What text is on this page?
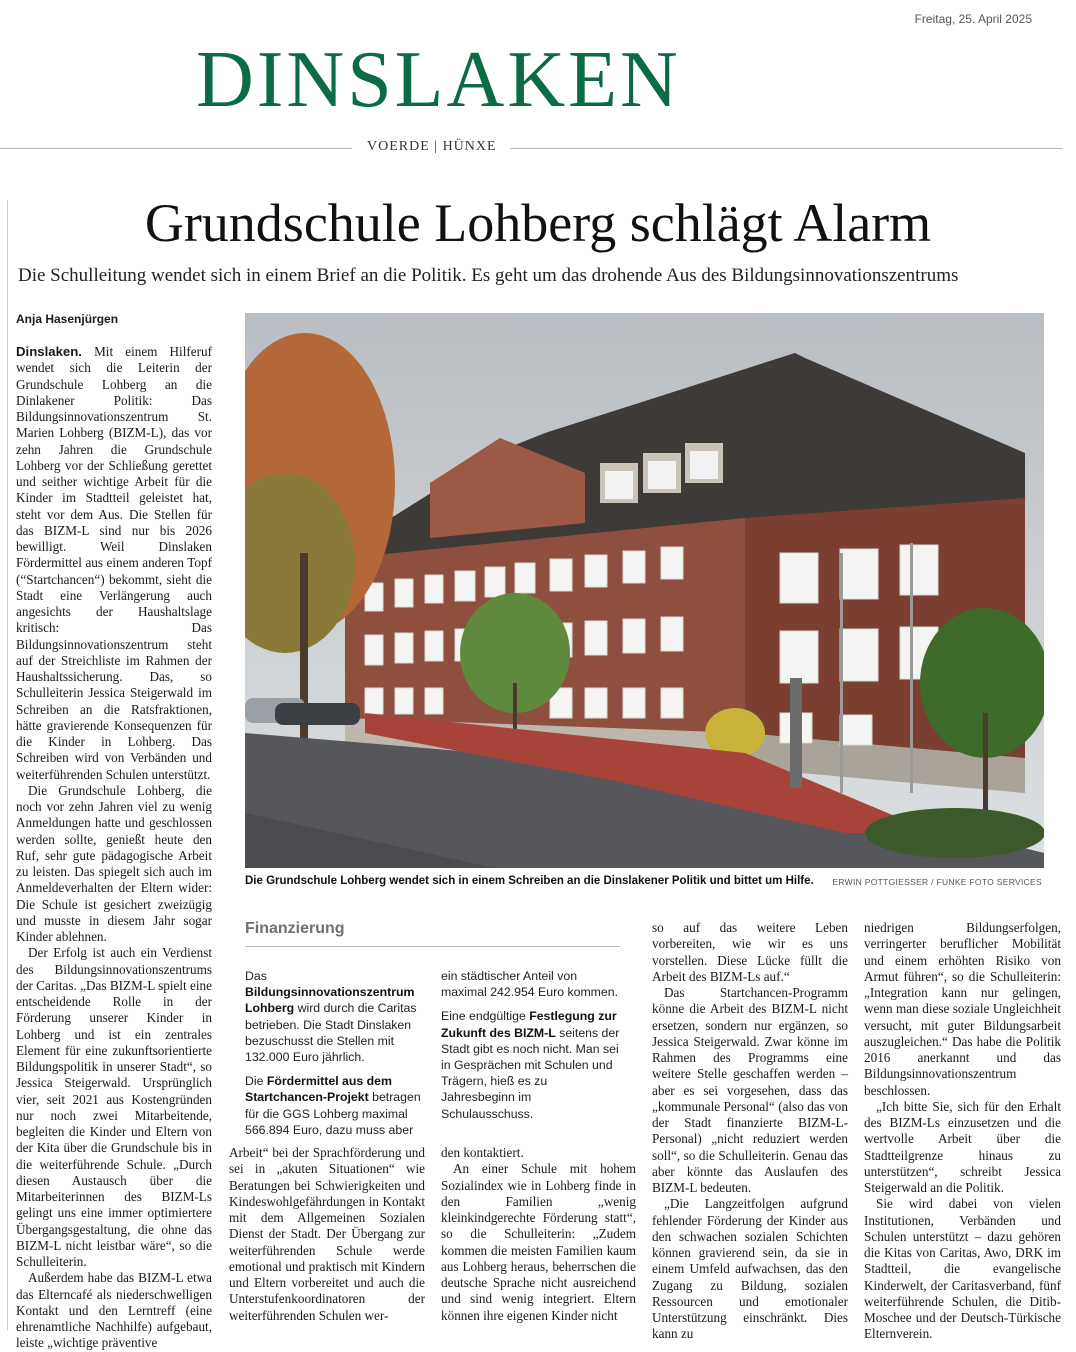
Freitag, 25. April 2025
DINSLAKEN
VOERDE | HÜNXE
Grundschule Lohberg schlägt Alarm
Die Schulleitung wendet sich in einem Brief an die Politik. Es geht um das drohende Aus des Bildungsinnovationszentrums
Anja Hasenjürgen

Dinslaken. Mit einem Hilferuf wendet sich die Leiterin der Grundschule Lohberg an die Dinlakener Politik: Das Bildungsinnovationszentrum St. Marien Lohberg (BIZM-L), das vor zehn Jahren die Grundschule Lohberg vor der Schließung gerettet und seither wichtige Arbeit für die Kinder im Stadtteil geleistet hat, steht vor dem Aus. Die Stellen für das BIZM-L sind nur bis 2026 bewilligt. Weil Dinslaken Fördermittel aus einem anderen Topf (“Startchancen“) bekommt, sieht die Stadt eine Verlängerung auch angesichts der Haushaltslage kritisch: Das Bildungsinnovationszentrum steht auf der Streichliste im Rahmen der Haushaltssicherung. Das, so Schulleiterin Jessica Steigerwald im Schreiben an die Ratsfraktionen, hätte gravierende Konsequenzen für die Kinder in Lohberg. Das Schreiben wird von Verbänden und weiterführenden Schulen unterstützt.

Die Grundschule Lohberg, die noch vor zehn Jahren viel zu wenig Anmeldungen hatte und geschlossen werden sollte, genießt heute den Ruf, sehr gute pädagogische Arbeit zu leisten. Das spiegelt sich auch im Anmeldeverhalten der Eltern wider: Die Schule ist gesichert zweizügig und musste in diesem Jahr sogar Kinder ablehnen.

Der Erfolg ist auch ein Verdienst des Bildungsinnovationszentrums der Caritas. „Das BIZM-L spielt eine entscheidende Rolle in der Förderung unserer Kinder in Lohberg und ist ein zentrales Element für eine zukunftsorientierte Bildungspolitik in unserer Stadt“, so Jessica Steigerwald. Ursprünglich vier, seit 2021 aus Kostengründen nur noch zwei Mitarbeitende, begleiten die Kinder und Eltern von der Kita über die Grundschule bis in die weiterführende Schule. „Durch diesen Austausch über die Mitarbeiterinnen des BIZM-Ls gelingt uns eine immer optimiertere Übergangsgestaltung, die ohne das BIZM-L nicht leistbar wäre“, so die Schulleiterin.

Außerdem habe das BIZM-L etwa das Elterncafé als niederschwelligen Kontakt und den Lerntreff (eine ehrenamtliche Nachhilfe) aufgebaut, leiste „wichtige präventive

Die Grundschule Lohberg wendet sich in einem Schreiben an die Dinslakener Politik und bittet um Hilfe. ERWIN POTTGIESSER / FUNKE FOTO SERVICES
Finanzierung

Das Bildungsinnovationszentrum Lohberg wird durch die Caritas betrieben. Die Stadt Dinslaken bezuschusst die Stellen mit 132.000 Euro jährlich.

Die Fördermittel aus dem Startchancen-Projekt betragen für die GGS Lohberg maximal 566.894 Euro, dazu muss aber

ein städtischer Anteil von maximal 242.954 Euro kommen.

Eine endgültige Festlegung zur Zukunft des BIZM-L seitens der Stadt gibt es noch nicht. Man sei in Gesprächen mit Schulen und Trägern, hieß es zu Jahresbeginn im Schulausschuss.

Arbeit“ bei der Sprachförderung und sei in „akuten Situationen“ wie Beratungen bei Schwierigkeiten und Kindeswohlgefährdungen in Kontakt mit dem Allgemeinen Sozialen Dienst der Stadt. Der Übergang zur weiterführenden Schule werde emotional und praktisch mit Kindern und Eltern vorbereitet und auch die Unterstufenkoordinatoren der weiterführenden Schulen wer-

den kontaktiert.

An einer Schule mit hohem Sozialindex wie in Lohberg finde in den Familien „wenig kleinkindgerechte Förderung statt“, so die Schulleiterin: „Zudem kommen die meisten Familien kaum aus Lohberg heraus, beherrschen die deutsche Sprache nicht ausreichend und sind wenig integriert. Eltern können ihre eigenen Kinder nicht

so auf das weitere Leben vorbereiten, wie wir es uns vorstellen. Diese Lücke füllt die Arbeit des BIZM-Ls auf.“

Das Startchancen-Programm könne die Arbeit des BIZM-L nicht ersetzen, sondern nur ergänzen, so Jessica Steigerwald. Zwar könne im Rahmen des Programms eine weitere Stelle geschaffen werden – aber es sei vorgesehen, dass das „kommunale Personal“ (also das von der Stadt finanzierte BIZM-L-Personal) „nicht reduziert werden soll“, so die Schulleiterin. Genau das aber könnte das Auslaufen des BIZM-L bedeuten.

„Die Langzeitfolgen aufgrund fehlender Förderung der Kinder aus den schwachen sozialen Schichten können gravierend sein, da sie in einem Umfeld aufwachsen, das den Zugang zu Bildung, sozialen Ressourcen und emotionaler Unterstützung einschränkt. Dies kann zu

niedrigen Bildungserfolgen, verringerter beruflicher Mobilität und einem erhöhten Risiko von Armut führen“, so die Schulleiterin: „Integration kann nur gelingen, wenn man diese soziale Ungleichheit versucht, mit guter Bildungsarbeit auszugleichen.“ Das habe die Politik 2016 anerkannt und das Bildungsinnovationszentrum beschlossen.

„Ich bitte Sie, sich für den Erhalt des BIZM-Ls einzusetzen und die wertvolle Arbeit über die Stadtteilgrenze hinaus zu unterstützen“, schreibt Jessica Steigerwald an die Politik.

Sie wird dabei von vielen Institutionen, Verbänden und Schulen unterstützt – dazu gehören die Kitas von Caritas, Awo, DRK im Stadtteil, die evangelische Kinderwelt, der Caritasverband, fünf weiterführende Schulen, die Ditib-Moschee und der Deutsch-Türkische Elternverein.
